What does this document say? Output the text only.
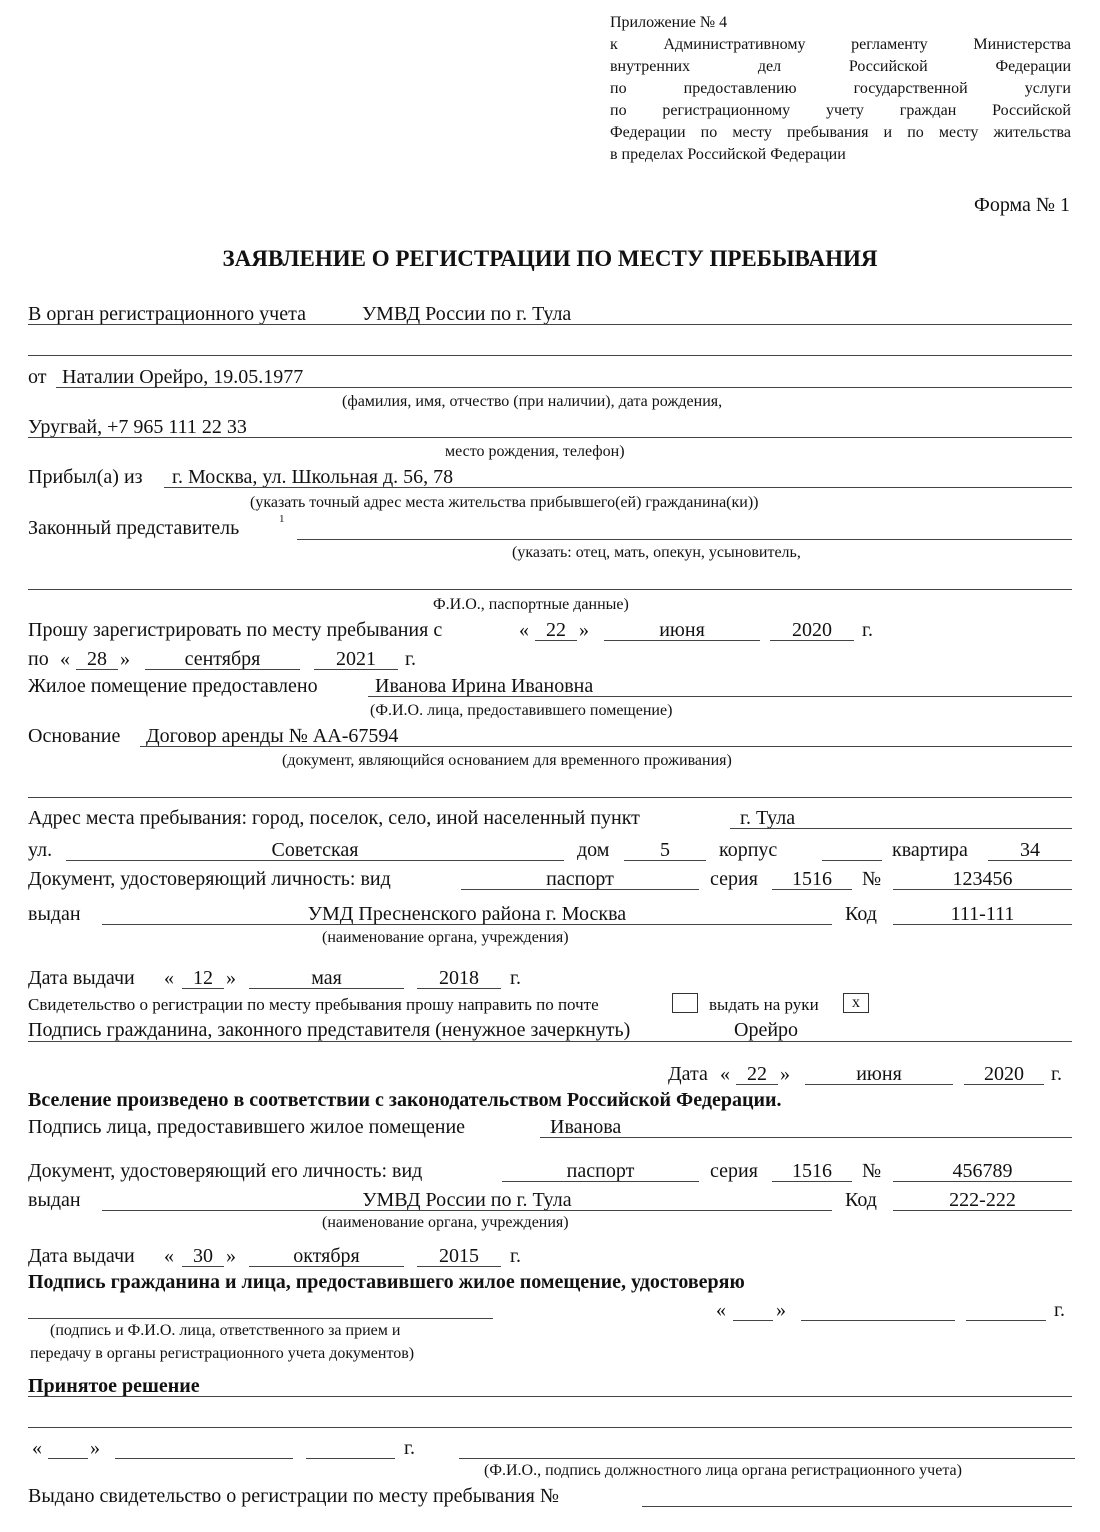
Приложение № 4
к Административному регламенту Министерства
внутренних дел Российской Федерации
по предоставлению государственной услуги
по регистрационному учету граждан Российской
Федерации по месту пребывания и по месту жительства
в пределах Российской Федерации
Форма № 1
ЗАЯВЛЕНИЕ О РЕГИСТРАЦИИ ПО МЕСТУ ПРЕБЫВАНИЯ
В орган регистрационного учета	УМВД России по г. Тула
от Наталии Орейро, 19.05.1977
(фамилия, имя, отчество (при наличии), дата рождения,
Уругвай, +7 965 111 22 33
место рождения, телефон)
Прибыл(а) из г. Москва, ул. Школьная д. 56, 78
(указать точный адрес места жительства прибывшего(ей) гражданина(ки))
Законный представитель	1
(указать: отец, мать, опекун, усыновитель,
Ф.И.О., паспортные данные)
Прошу зарегистрировать по месту пребывания с	« 22 »	июня	2020	г.
по « 28 »	сентября	2021	г.
Жилое помещение предоставлено	Иванова Ирина Ивановна
(Ф.И.О. лица, предоставившего помещение)
Основание Договор аренды № АА-67594
(документ, являющийся основанием для временного проживания)
Адрес места пребывания: город, поселок, село, иной населенный пункт	г. Тула
ул.	Советская	дом	5	корпус	квартира	34
Документ, удостоверяющий личность: вид	паспорт	серия	1516	№	123456
выдан	УМД Пресненского района г. Москва	Код	111-111
(наименование органа, учреждения)
Дата выдачи « 12 »	мая	2018	г.
Свидетельство о регистрации по месту пребывания прошу направить по почте	выдать на руки	x
Подпись гражданина, законного представителя (ненужное зачеркнуть)	Орейро
Дата « 22 »	июня	2020	г.
Вселение произведено в соответствии с законодательством Российской Федерации.
Подпись лица, предоставившего жилое помещение	Иванова
Документ, удостоверяющий его личность: вид	паспорт	серия	1516	№	456789
выдан	УМВД России по г. Тула	Код	222-222
(наименование органа, учреждения)
Дата выдачи « 30 »	октября	2015	г.
Подпись гражданина и лица, предоставившего жилое помещение, удостоверяю
«	»	г.
(подпись и Ф.И.О. лица, ответственного за прием и
передачу в органы регистрационного учета документов)
Принятое решение
« »	г.
(Ф.И.О., подпись должностного лица органа регистрационного учета)
Выдано свидетельство о регистрации по месту пребывания №
